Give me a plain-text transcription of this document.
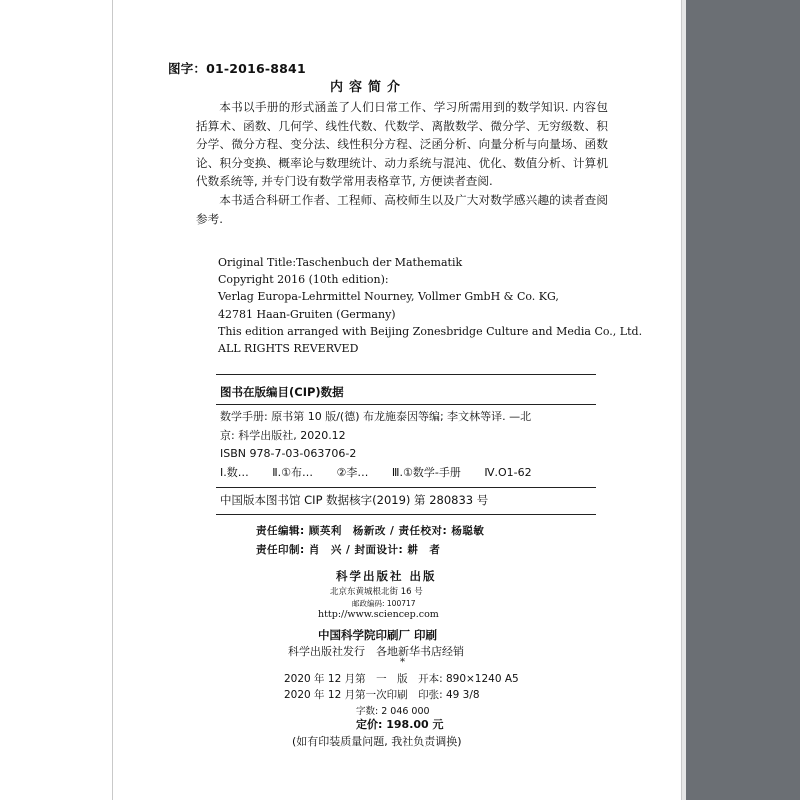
图字：01-2016-8841
内容简介

本书以手册的形式涵盖了人们日常工作、学习所需用到的数学知识. 内容包括算术、函数、几何学、线性代数、代数学、离散数学、微分学、无穷级数、积分学、微分方程、变分法、线性积分方程、泛函分析、向量分析与向量场、函数论、积分变换、概率论与数理统计、动力系统与混沌、优化、数值分析、计算机代数系统等, 并专门设有数学常用表格章节, 方便读者查阅.

本书适合科研工作者、工程师、高校师生以及广大对数学感兴趣的读者查阅参考.

Original Title:Taschenbuch der Mathematik
Copyright 2016 (10th edition):
Verlag Europa-Lehrmittel Nourney, Vollmer GmbH & Co. KG,
42781 Haan-Gruiten (Germany)
This edition arranged with Beijing Zonesbridge Culture and Media Co., Ltd.
ALL RIGHTS REVERVED
图书在版编目(CIP)数据
数学手册: 原书第 10 版/(德) 布龙施泰因等编; 李文林等译. —北
京: 科学出版社, 2020.12
ISBN 978-7-03-063706-2
Ⅰ.数… Ⅱ.①布… ②李… Ⅲ.①数学-手册 Ⅳ.O1-62
中国版本图书馆 CIP 数据核字(2019) 第 280833 号
责任编辑: 顾英利　杨新改 / 责任校对: 杨聪敏
责任印制: 肖　兴 / 封面设计: 耕　者
科学出版社 出版
北京东黄城根北街 16 号
邮政编码: 100717
http://www.sciencep.com
中国科学院印刷厂 印刷
科学出版社发行　各地新华书店经销
*
2020 年 12 月第　一　版　开本: 890×1240 A5
2020 年 12 月第一次印刷　印张: 49 3/8
字数: 2 046 000
定价: 198.00 元
(如有印装质量问题, 我社负责调换)
